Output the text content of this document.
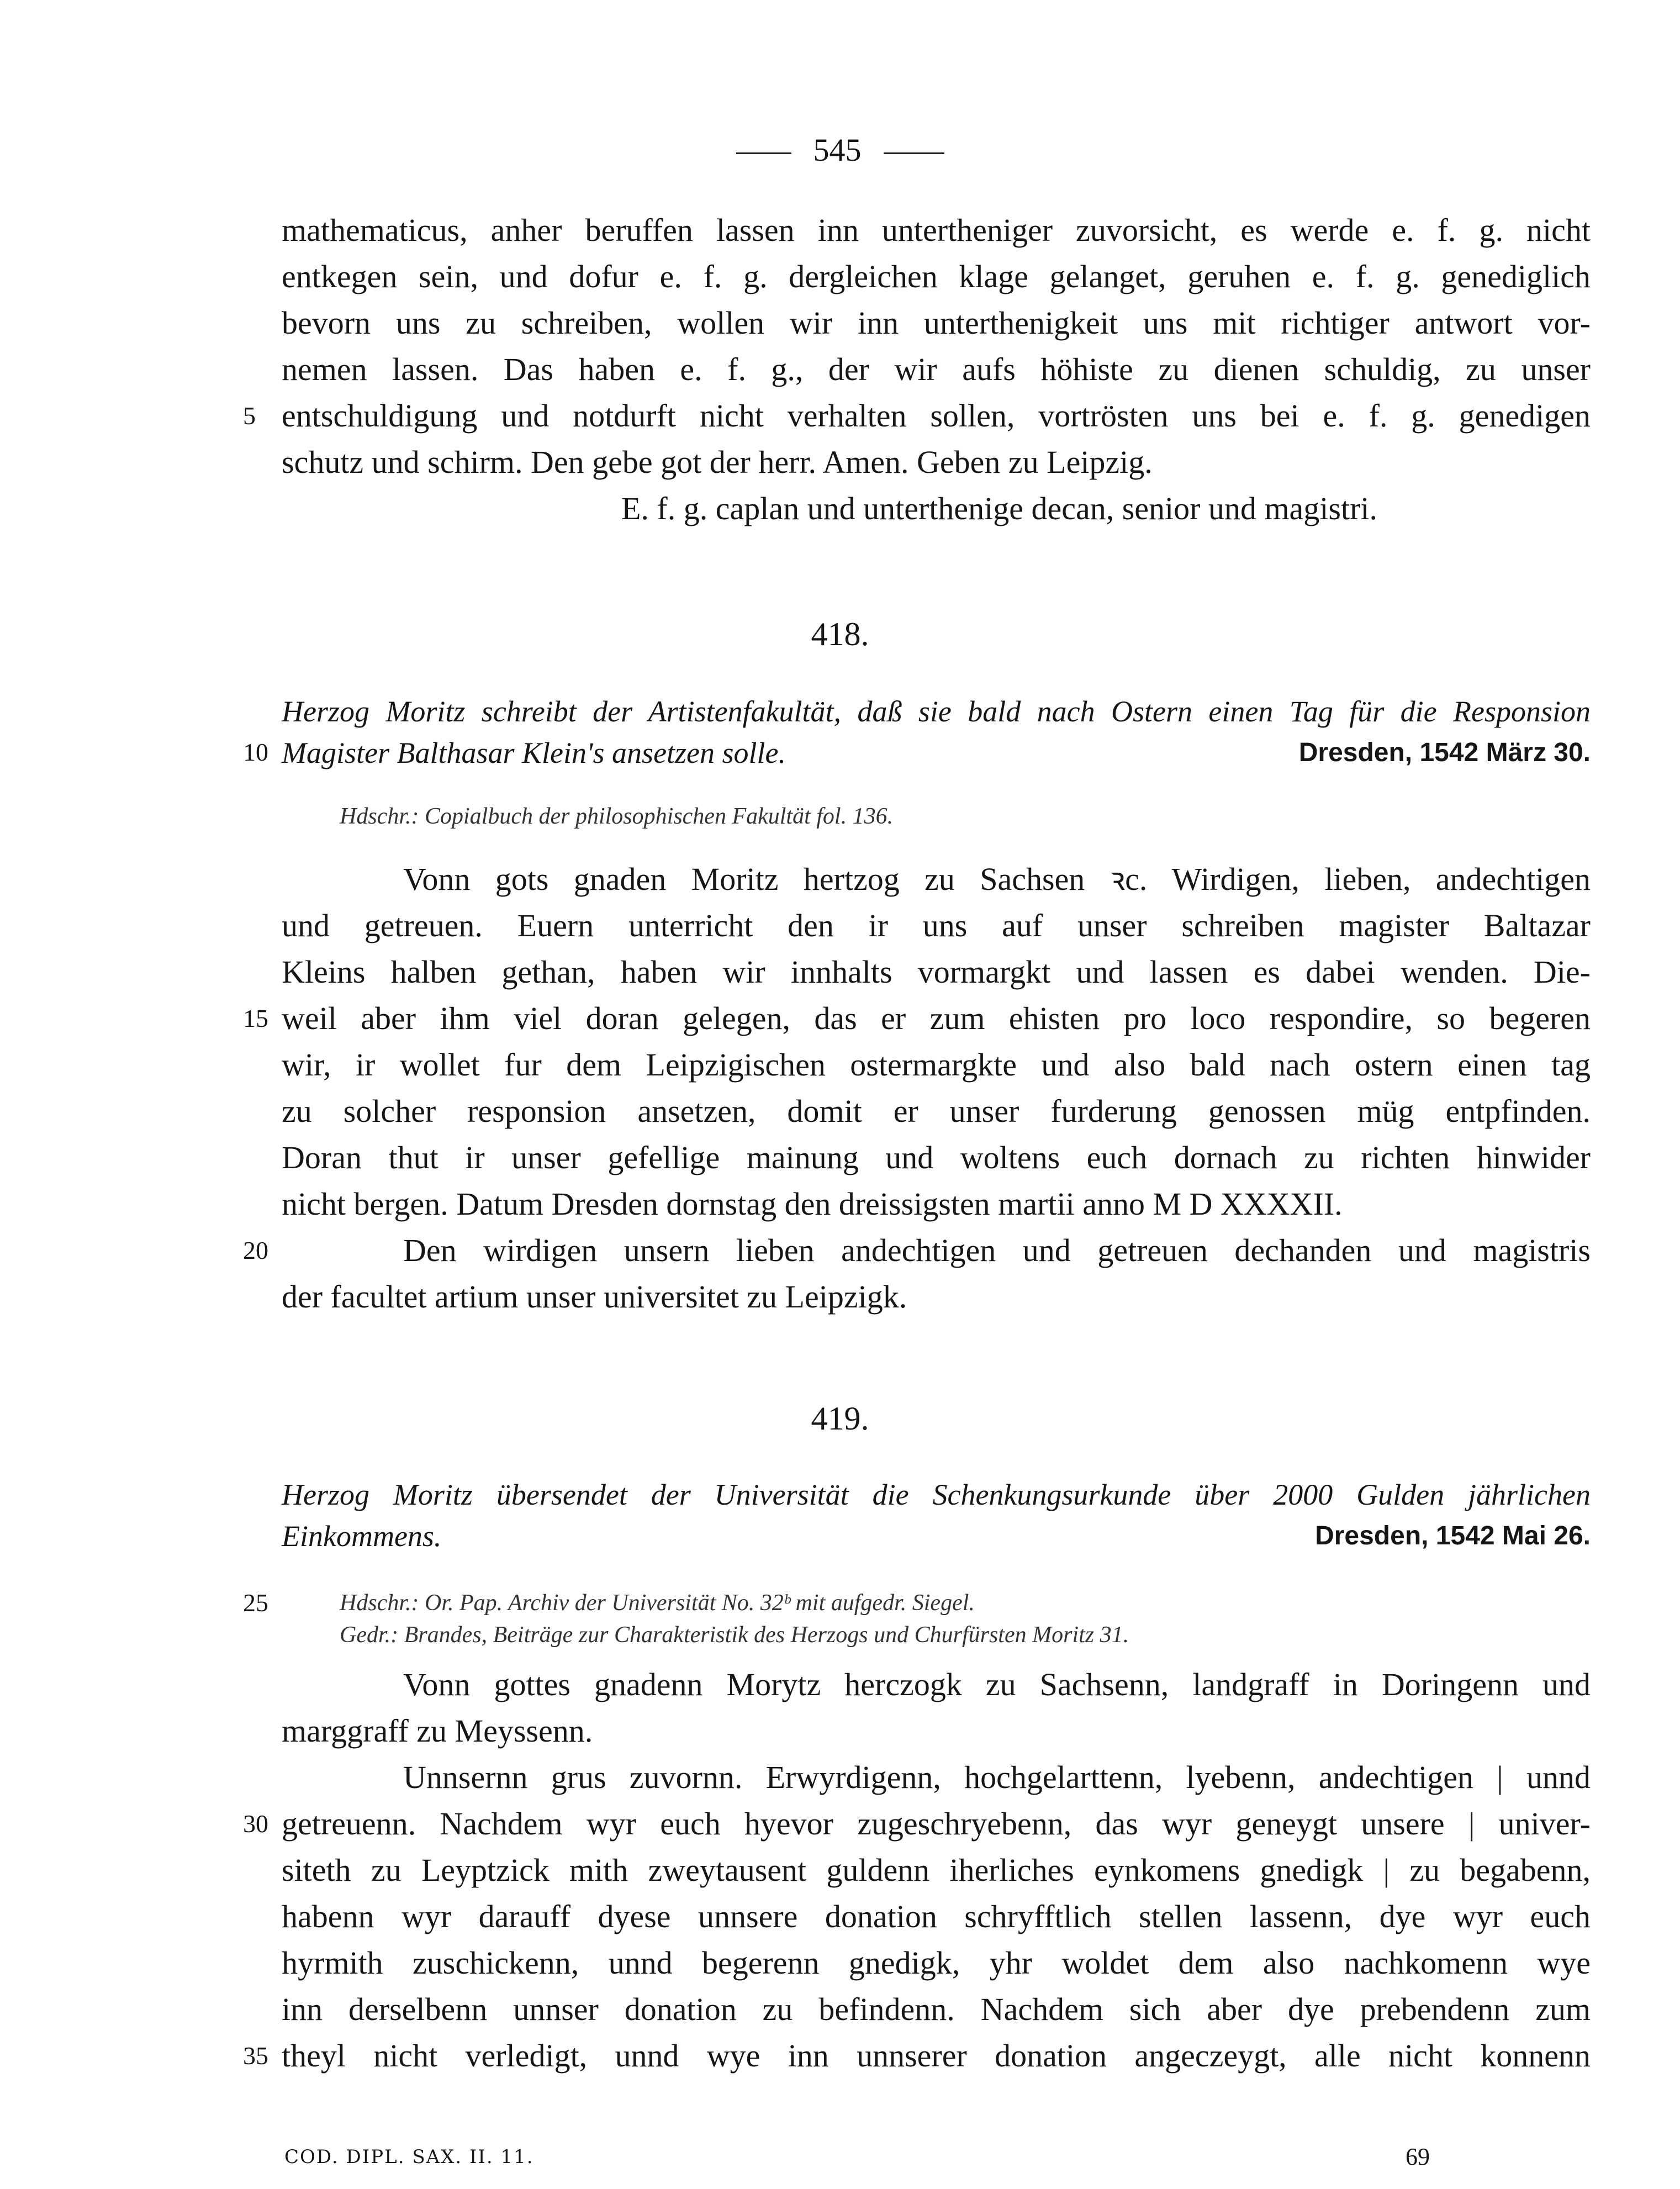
545
mathematicus, anher beruffen lassen inn untertheniger zuvorsicht, es werde e. f. g. nicht
entkegen sein, und dofur e. f. g. dergleichen klage gelanget, geruhen e. f. g. genediglich
bevorn uns zu schreiben, wollen wir inn unterthenigkeit uns mit richtiger antwort vor-
nemen lassen. Das haben e. f. g., der wir aufs höhiste zu dienen schuldig, zu unser
5 entschuldigung und notdurft nicht verhalten sollen, vortrösten uns bei e. f. g. genedigen
schutz und schirm. Den gebe got der herr. Amen. Geben zu Leipzig.
E. f. g. caplan und unterthenige decan, senior und magistri.
418.
Herzog Moritz schreibt der Artistenfakultät, daß sie bald nach Ostern einen Tag für die Responsion
10 Magister Balthasar Klein's ansetzen solle.	Dresden, 1542 März 30.
Hdschr.: Copialbuch der philosophischen Fakultät fol. 136.
Vonn gots gnaden Moritz hertzog zu Sachsen ꝛc. Wirdigen, lieben, andechtigen
und getreuen. Euern unterricht den ir uns auf unser schreiben magister Baltazar
Kleins halben gethan, haben wir innhalts vormargkt und lassen es dabei wenden. Die-
15 weil aber ihm viel doran gelegen, das er zum ehisten pro loco respondire, so begeren
wir, ir wollet fur dem Leipzigischen ostermargkte und also bald nach ostern einen tag
zu solcher responsion ansetzen, domit er unser furderung genossen müg entpfinden.
Doran thut ir unser gefellige mainung und woltens euch dornach zu richten hinwider
nicht bergen. Datum Dresden dornstag den dreissigsten martii anno M D XXXXII.
20	Den wirdigen unsern lieben andechtigen und getreuen dechanden und magistris
der facultet artium unser universitet zu Leipzigk.
419.
Herzog Moritz übersendet der Universität die Schenkungsurkunde über 2000 Gulden jährlichen
Einkommens.	Dresden, 1542 Mai 26.
25	Hdschr.: Or. Pap. Archiv der Universität No. 32ᵇ mit aufgedr. Siegel.
Gedr.: Brandes, Beiträge zur Charakteristik des Herzogs und Churfürsten Moritz 31.
Vonn gottes gnadenn Morytz herczogk zu Sachsenn, landgraff in Doringenn und
marggraff zu Meyssenn.
Unnsernn grus zuvornn. Erwyrdigenn, hochgelarttenn, lyebenn, andechtigen | unnd
30 getreuenn. Nachdem wyr euch hyevor zugeschryebenn, das wyr geneygt unsere | univer-
siteth zu Leyptzick mith zweytausent guldenn iherliches eynkomens gnedigk | zu begabenn,
habenn wyr darauff dyese unnsere donation schryfftlich stellen lassenn, dye wyr euch
hyrmith zuschickenn, unnd begerenn gnedigk, yhr woldet dem also nachkomenn wye
inn derselbenn unnser donation zu befindenn. Nachdem sich aber dye prebendenn zum
35 theyl nicht verledigt, unnd wye inn unnserer donation angeczeygt, alle nicht konnenn
COD. DIPL. SAX. II. 11.	69
